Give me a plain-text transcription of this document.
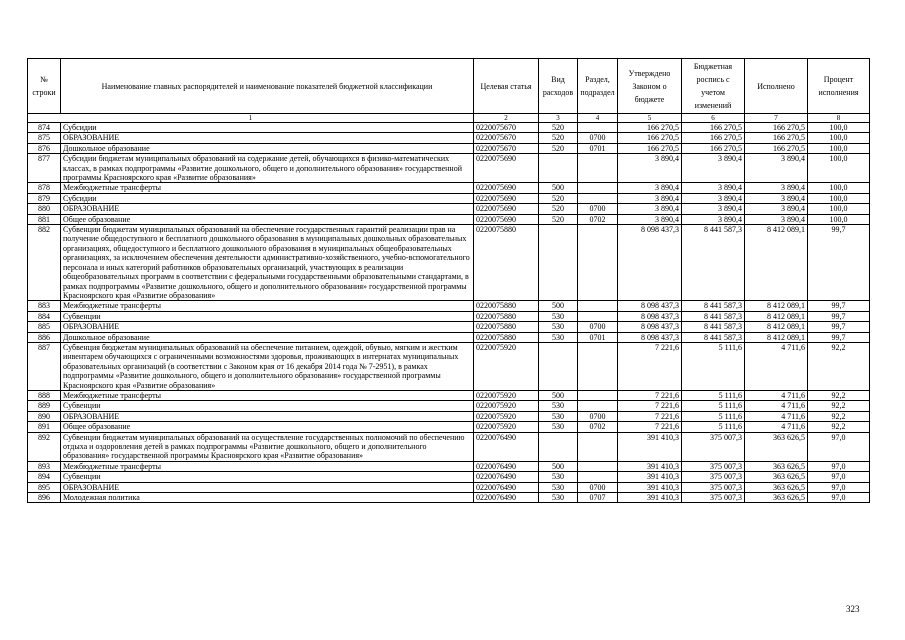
№ строки	Наименование главных распорядителей и наименование показателей бюджетной классификации	Целевая статья	Вид расходов	Раздел, подраздел	Утверждено Законом о бюджете	Бюджетная роспись с учетом изменений	Исполнено	Процент исполнения
1		2	3	4	5	6	7	8
874	Субсидии	0220075670	520		166 270,5	166 270,5	166 270,5	100,0
875	ОБРАЗОВАНИЕ	0220075670	520	0700	166 270,5	166 270,5	166 270,5	100,0
876	Дошкольное образование	0220075670	520	0701	166 270,5	166 270,5	166 270,5	100,0
877	Субсидии бюджетам муниципальных образований на содержание детей, обучающихся в физико-математических классах, в рамках подпрограммы «Развитие дошкольного, общего и дополнительного образования» государственной программы Красноярского края «Развитие образования»	0220075690			3 890,4	3 890,4	3 890,4	100,0
878	Межбюджетные трансферты	0220075690	500		3 890,4	3 890,4	3 890,4	100,0
879	Субсидии	0220075690	520		3 890,4	3 890,4	3 890,4	100,0
880	ОБРАЗОВАНИЕ	0220075690	520	0700	3 890,4	3 890,4	3 890,4	100,0
881	Общее образование	0220075690	520	0702	3 890,4	3 890,4	3 890,4	100,0
882	Субвенции бюджетам муниципальных образований на обеспечение государственных гарантий реализации прав на получение общедоступного и бесплатного дошкольного образования в муниципальных дошкольных образовательных организациях, общедоступного и бесплатного дошкольного образования в муниципальных общеобразовательных организациях, за исключением обеспечения деятельности административно-хозяйственного, учебно-вспомогательного персонала и иных категорий работников образовательных организаций, участвующих в реализации общеобразовательных программ в соответствии с федеральными государственными образовательными стандартами, в рамках подпрограммы «Развитие дошкольного, общего и дополнительного образования» государственной программы Красноярского края «Развитие образования»	0220075880			8 098 437,3	8 441 587,3	8 412 089,1	99,7
883	Межбюджетные трансферты	0220075880	500		8 098 437,3	8 441 587,3	8 412 089,1	99,7
884	Субвенции	0220075880	530		8 098 437,3	8 441 587,3	8 412 089,1	99,7
885	ОБРАЗОВАНИЕ	0220075880	530	0700	8 098 437,3	8 441 587,3	8 412 089,1	99,7
886	Дошкольное образование	0220075880	530	0701	8 098 437,3	8 441 587,3	8 412 089,1	99,7
887	Субвенция бюджетам муниципальных образований на обеспечение питанием, одеждой, обувью, мягким и жестким инвентарем обучающихся с ограниченными возможностями здоровья, проживающих в интернатах муниципальных образовательных организаций (в соответствии с Законом края от 16 декабря 2014 года № 7-2951), в рамках подпрограммы «Развитие дошкольного, общего и дополнительного образования» государственной программы Красноярского края «Развитие образования»	0220075920			7 221,6	5 111,6	4 711,6	92,2
888	Межбюджетные трансферты	0220075920	500		7 221,6	5 111,6	4 711,6	92,2
889	Субвенции	0220075920	530		7 221,6	5 111,6	4 711,6	92,2
890	ОБРАЗОВАНИЕ	0220075920	530	0700	7 221,6	5 111,6	4 711,6	92,2
891	Общее образование	0220075920	530	0702	7 221,6	5 111,6	4 711,6	92,2
892	Субвенции бюджетам муниципальных образований на осуществление государственных полномочий по обеспечению отдыха и оздоровления детей в рамках подпрограммы «Развитие дошкольного, общего и дополнительного образования» государственной программы Красноярского края «Развитие образования»	0220076490			391 410,3	375 007,3	363 626,5	97,0
893	Межбюджетные трансферты	0220076490	500		391 410,3	375 007,3	363 626,5	97,0
894	Субвенции	0220076490	530		391 410,3	375 007,3	363 626,5	97,0
895	ОБРАЗОВАНИЕ	0220076490	530	0700	391 410,3	375 007,3	363 626,5	97,0
896	Молодежная политика	0220076490	530	0707	391 410,3	375 007,3	363 626,5	97,0
323
